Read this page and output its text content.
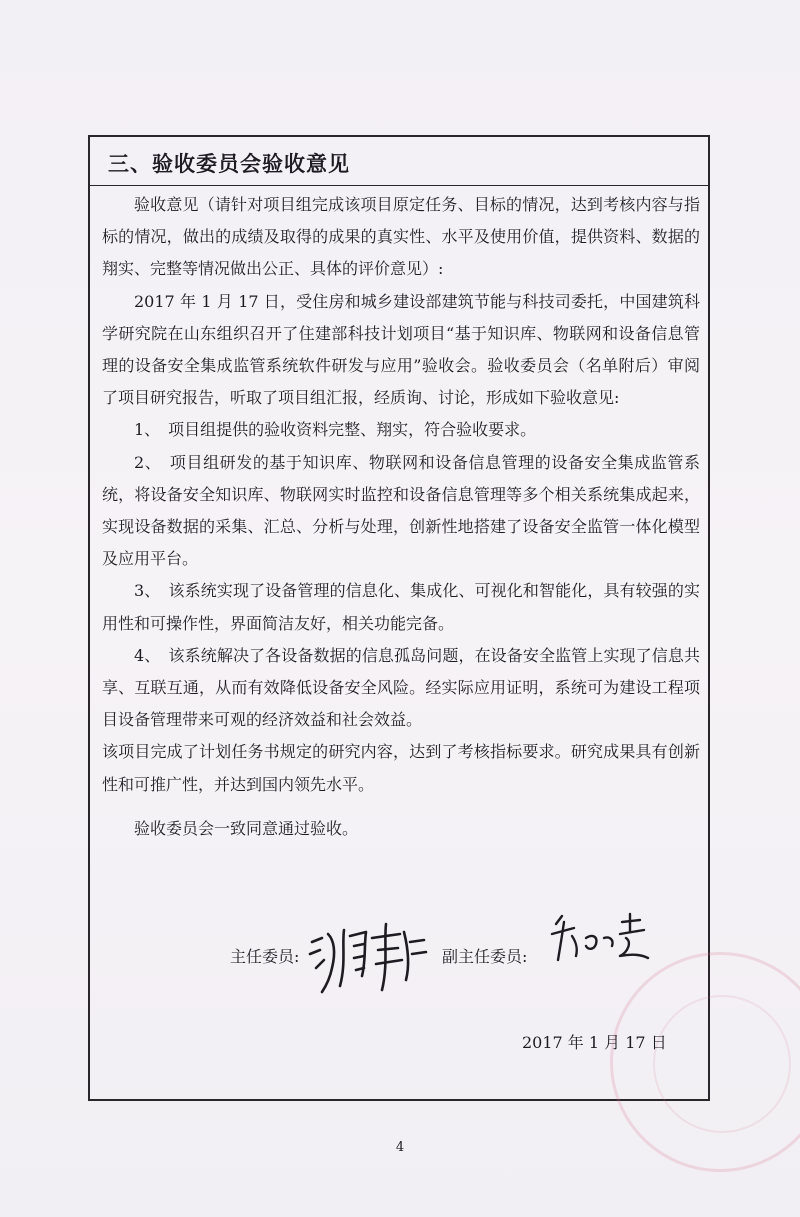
三、验收委员会验收意见

验收意见（请针对项目组完成该项目原定任务、目标的情况，达到考核内容与指标的情况，做出的成绩及取得的成果的真实性、水平及使用价值，提供资料、数据的翔实、完整等情况做出公正、具体的评价意见）:

2017 年 1 月 17 日，受住房和城乡建设部建筑节能与科技司委托，中国建筑科学研究院在山东组织召开了住建部科技计划项目“基于知识库、物联网和设备信息管理的设备安全集成监管系统软件研发与应用”验收会。验收委员会（名单附后）审阅了项目研究报告，听取了项目组汇报，经质询、讨论，形成如下验收意见:

1、　项目组提供的验收资料完整、翔实，符合验收要求。

2、　项目组研发的基于知识库、物联网和设备信息管理的设备安全集成监管系统，将设备安全知识库、物联网实时监控和设备信息管理等多个相关系统集成起来，实现设备数据的采集、汇总、分析与处理，创新性地搭建了设备安全监管一体化模型及应用平台。

3、　该系统实现了设备管理的信息化、集成化、可视化和智能化，具有较强的实用性和可操作性，界面简洁友好，相关功能完备。

4、　该系统解决了各设备数据的信息孤岛问题，在设备安全监管上实现了信息共享、互联互通，从而有效降低设备安全风险。经实际应用证明，系统可为建设工程项目设备管理带来可观的经济效益和社会效益。

该项目完成了计划任务书规定的研究内容，达到了考核指标要求。研究成果具有创新性和可推广性，并达到国内领先水平。

验收委员会一致同意通过验收。

主任委员:	副主任委员:
2017 年 1 月 17 日
4
